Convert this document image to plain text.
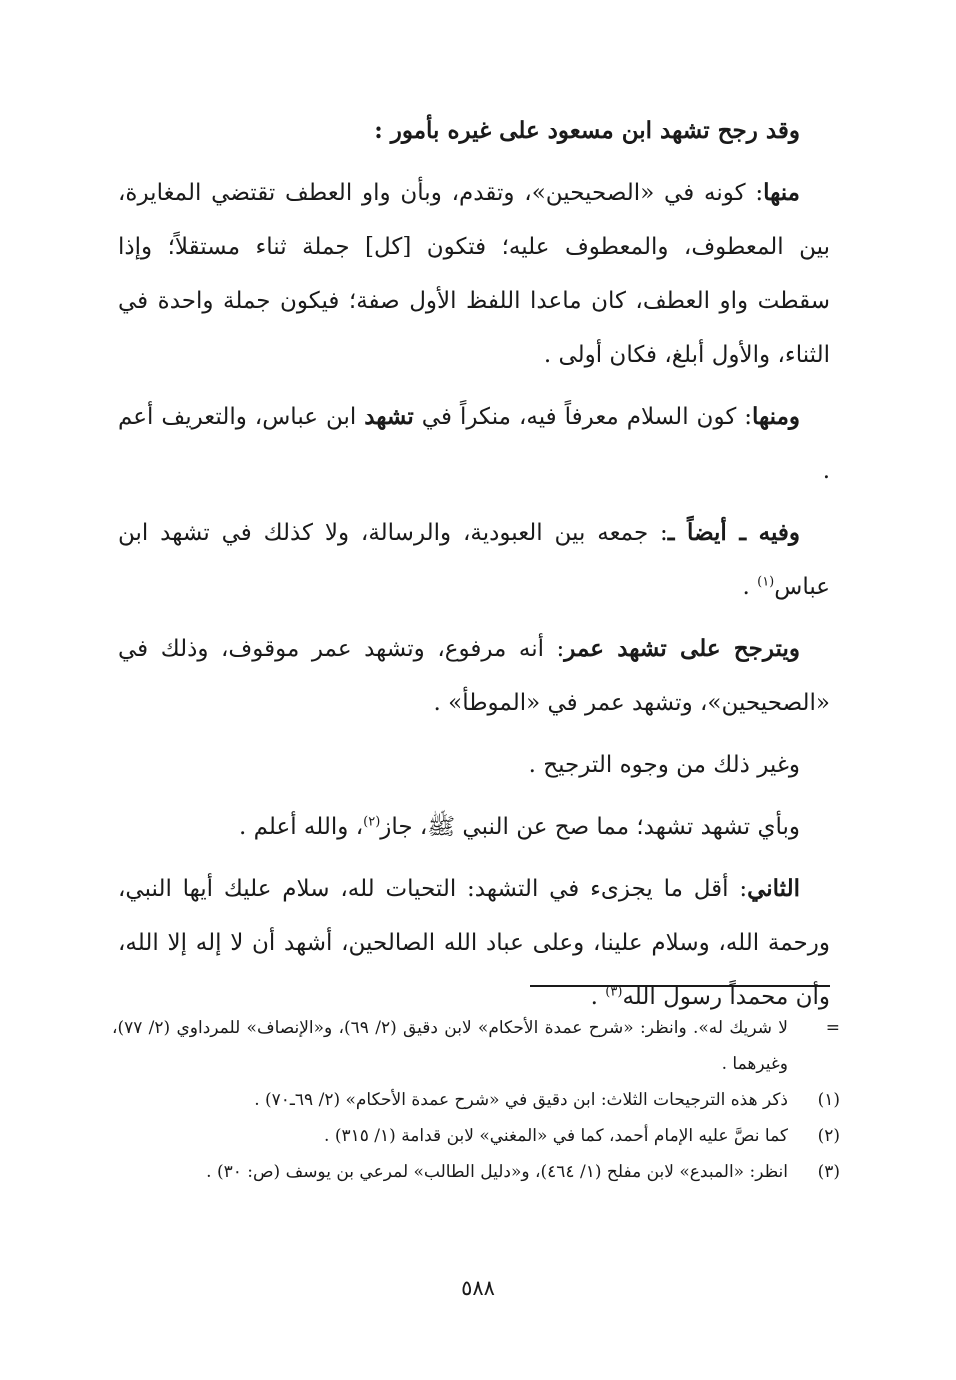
وقد رجح تشهد ابن مسعود على غيره بأمور :

منها: كونه في «الصحيحين»، وتقدم، وبأن واو العطف تقتضي المغايرة، بين المعطوف، والمعطوف عليه؛ فتكون [كل] جملة ثناء مستقلاً؛ وإذا سقطت واو العطف، كان ماعدا اللفظ الأول صفة؛ فيكون جملة واحدة في الثناء، والأول أبلغ، فكان أولى .

ومنها: كون السلام معرفاً فيه، منكراً في تشهد ابن عباس، والتعريف أعم .

وفيه ـ أيضاً ـ: جمعه بين العبودية، والرسالة، ولا كذلك في تشهد ابن عباس$^{(١)}$ .

ويترجح على تشهد عمر: أنه مرفوع، وتشهد عمر موقوف، وذلك في «الصحيحين»، وتشهد عمر في «الموطأ» .

وغير ذلك من وجوه الترجيح .

وبأي تشهد تشهد؛ مما صح عن النبي ﷺ، جاز$^{(٢)}$، والله أعلم .

الثاني: أقل ما يجزىء في التشهد: التحيات لله، سلام عليك أيها النبي، ورحمة الله، وسلام علينا، وعلى عباد الله الصالحين، أشهد أن لا إله إلا الله، وأن محمداً رسول الله$^{(٣)}$ .

=
لا شريك له». وانظر: «شرح عمدة الأحكام» لابن دقيق (٢/ ٦٩)، و«الإنصاف» للمرداوي (٢/ ٧٧)، وغيرهما .
(١)
ذكر هذه الترجيحات الثلاث: ابن دقيق في «شرح عمدة الأحكام» (٢/ ٦٩ـ٧٠) .
(٢)
كما نصَّ عليه الإمام أحمد، كما في «المغني» لابن قدامة (١/ ٣١٥) .
(٣)
انظر: «المبدع» لابن مفلح (١/ ٤٦٤)، و«دليل الطالب» لمرعي بن يوسف (ص: ٣٠) .
٥٨٨
